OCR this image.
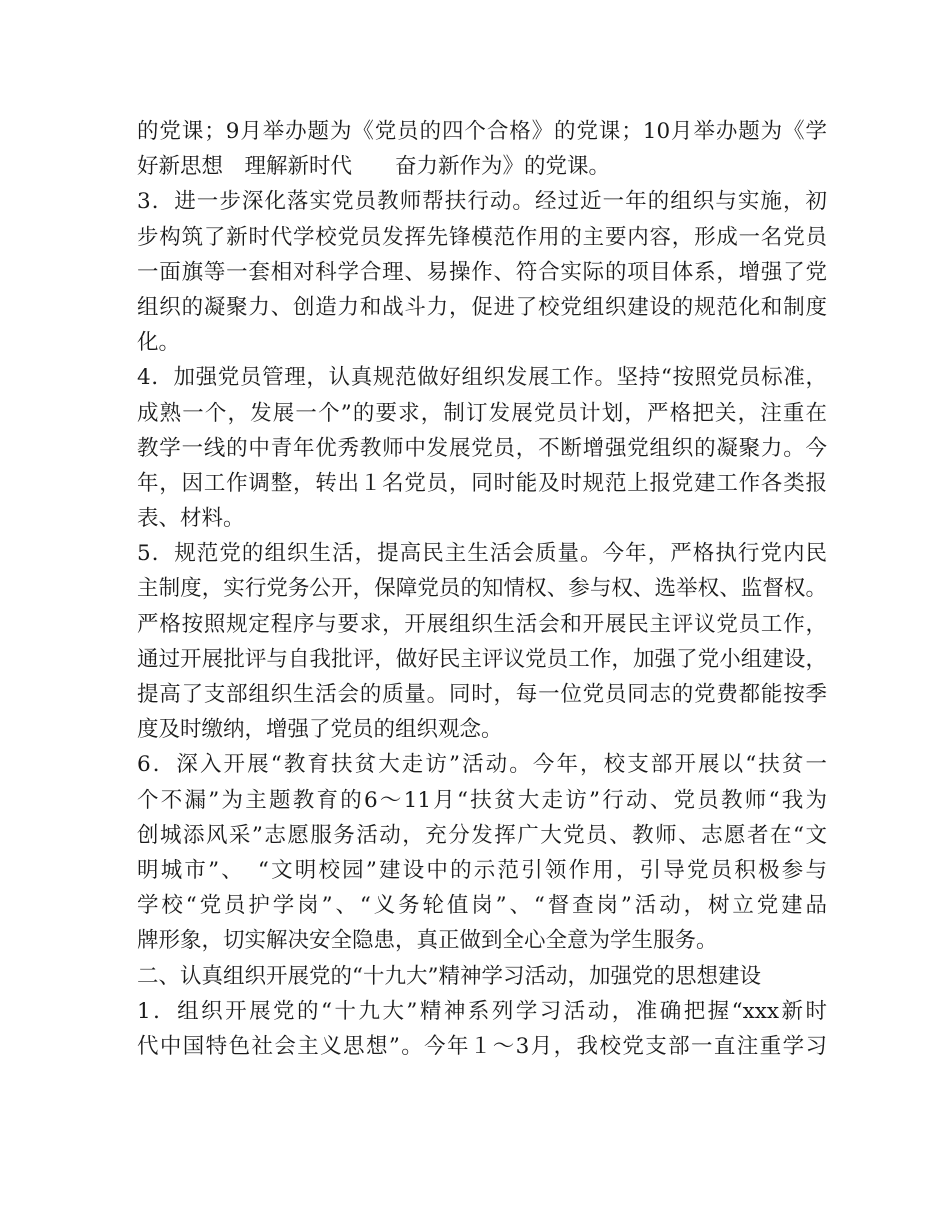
的党课；9月举办题为《党员的四个合格》的党课；10月举办题为《学
好新思想　理解新时代　　奋力新作为》的党课。
3．进一步深化落实党员教师帮扶行动。经过近一年的组织与实施，初
步构筑了新时代学校党员发挥先锋模范作用的主要内容，形成一名党员
一面旗等一套相对科学合理、易操作、符合实际的项目体系，增强了党
组织的凝聚力、创造力和战斗力，促进了校党组织建设的规范化和制度
化。
4．加强党员管理，认真规范做好组织发展工作。坚持“按照党员标准，
成熟一个，发展一个”的要求，制订发展党员计划，严格把关，注重在
教学一线的中青年优秀教师中发展党员，不断增强党组织的凝聚力。今
年，因工作调整，转出１名党员，同时能及时规范上报党建工作各类报
表、材料。
5．规范党的组织生活，提高民主生活会质量。今年，严格执行党内民
主制度，实行党务公开，保障党员的知情权、参与权、选举权、监督权。
严格按照规定程序与要求，开展组织生活会和开展民主评议党员工作，
通过开展批评与自我批评，做好民主评议党员工作，加强了党小组建设，
提高了支部组织生活会的质量。同时，每一位党员同志的党费都能按季
度及时缴纳，增强了党员的组织观念。
6．深入开展“教育扶贫大走访”活动。今年，校支部开展以“扶贫一
个不漏”为主题教育的6～11月“扶贫大走访”行动、党员教师“我为
创城添风采”志愿服务活动，充分发挥广大党员、教师、志愿者在“文
明城市”、　“文明校园”建设中的示范引领作用，引导党员积极参与
学校“党员护学岗”、“义务轮值岗”、“督查岗”活动，树立党建品
牌形象，切实解决安全隐患，真正做到全心全意为学生服务。
二、认真组织开展党的“十九大”精神学习活动，加强党的思想建设
1．组织开展党的“十九大”精神系列学习活动，准确把握“xxx新时
代中国特色社会主义思想”。今年１～3月，我校党支部一直注重学习
